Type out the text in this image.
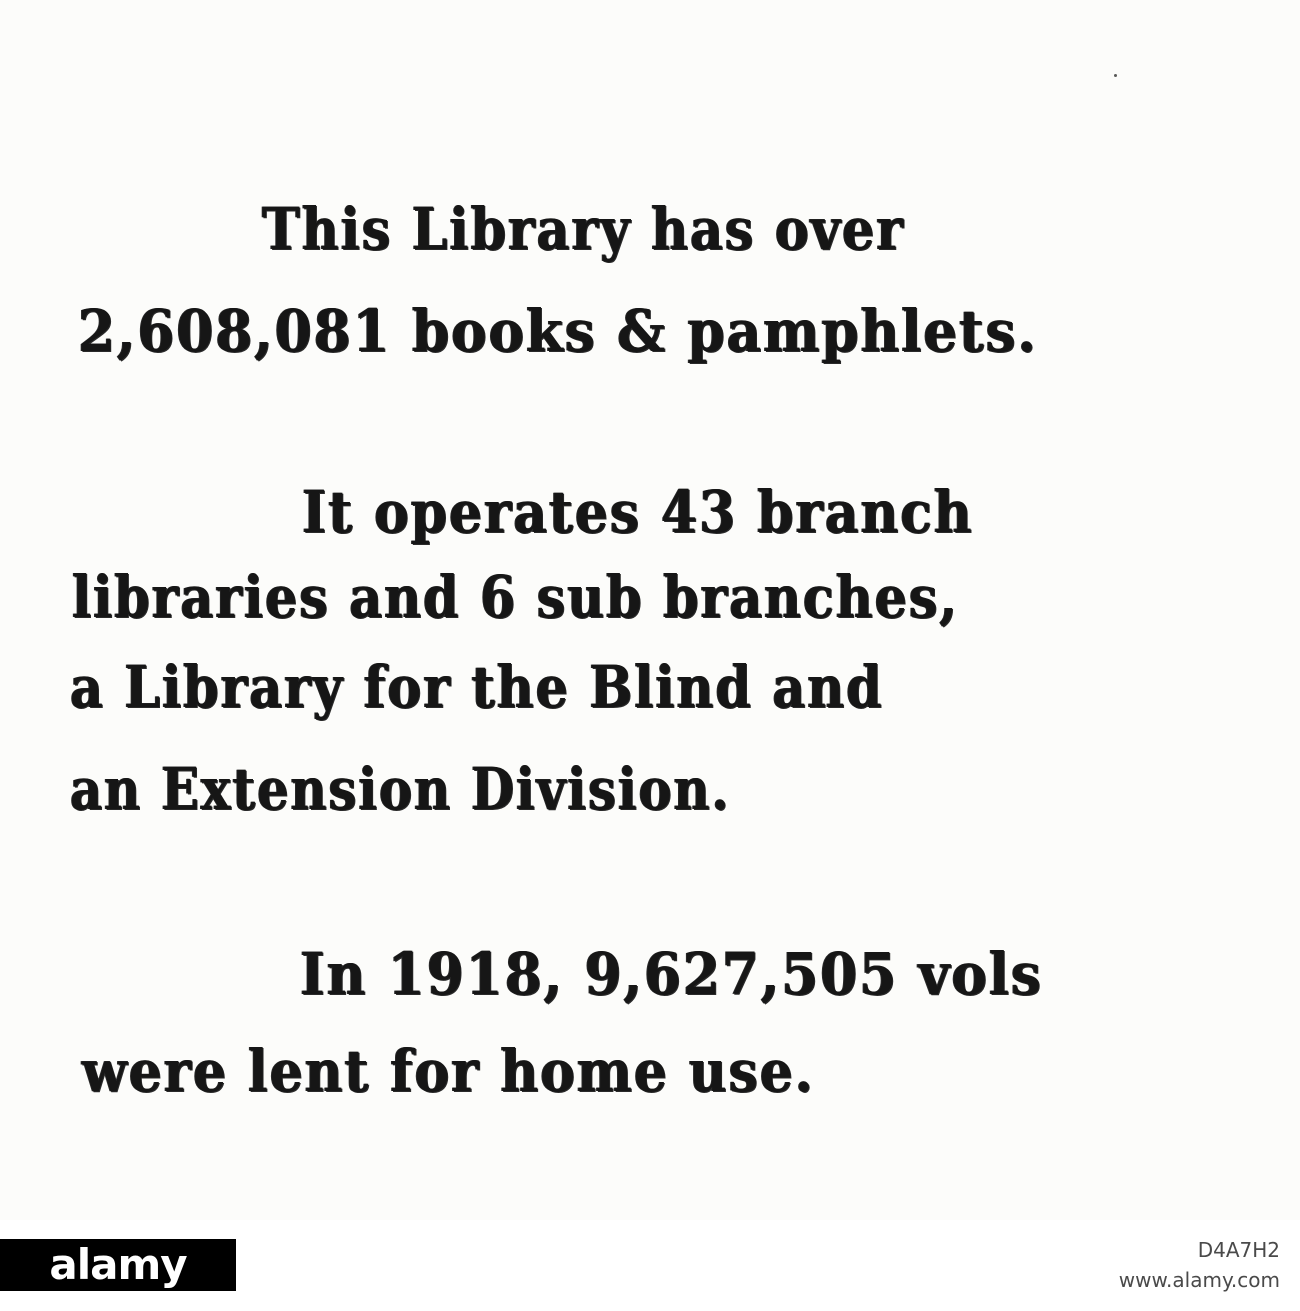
This Library has over
2,608,081 books & pamphlets.
It operates 43 branch
libraries and 6 sub branches,
a Library for the Blind and
an Extension Division.
In 1918, 9,627,505 vols
were lent for home use.
alamy	D4A7H2
www.alamy.com
